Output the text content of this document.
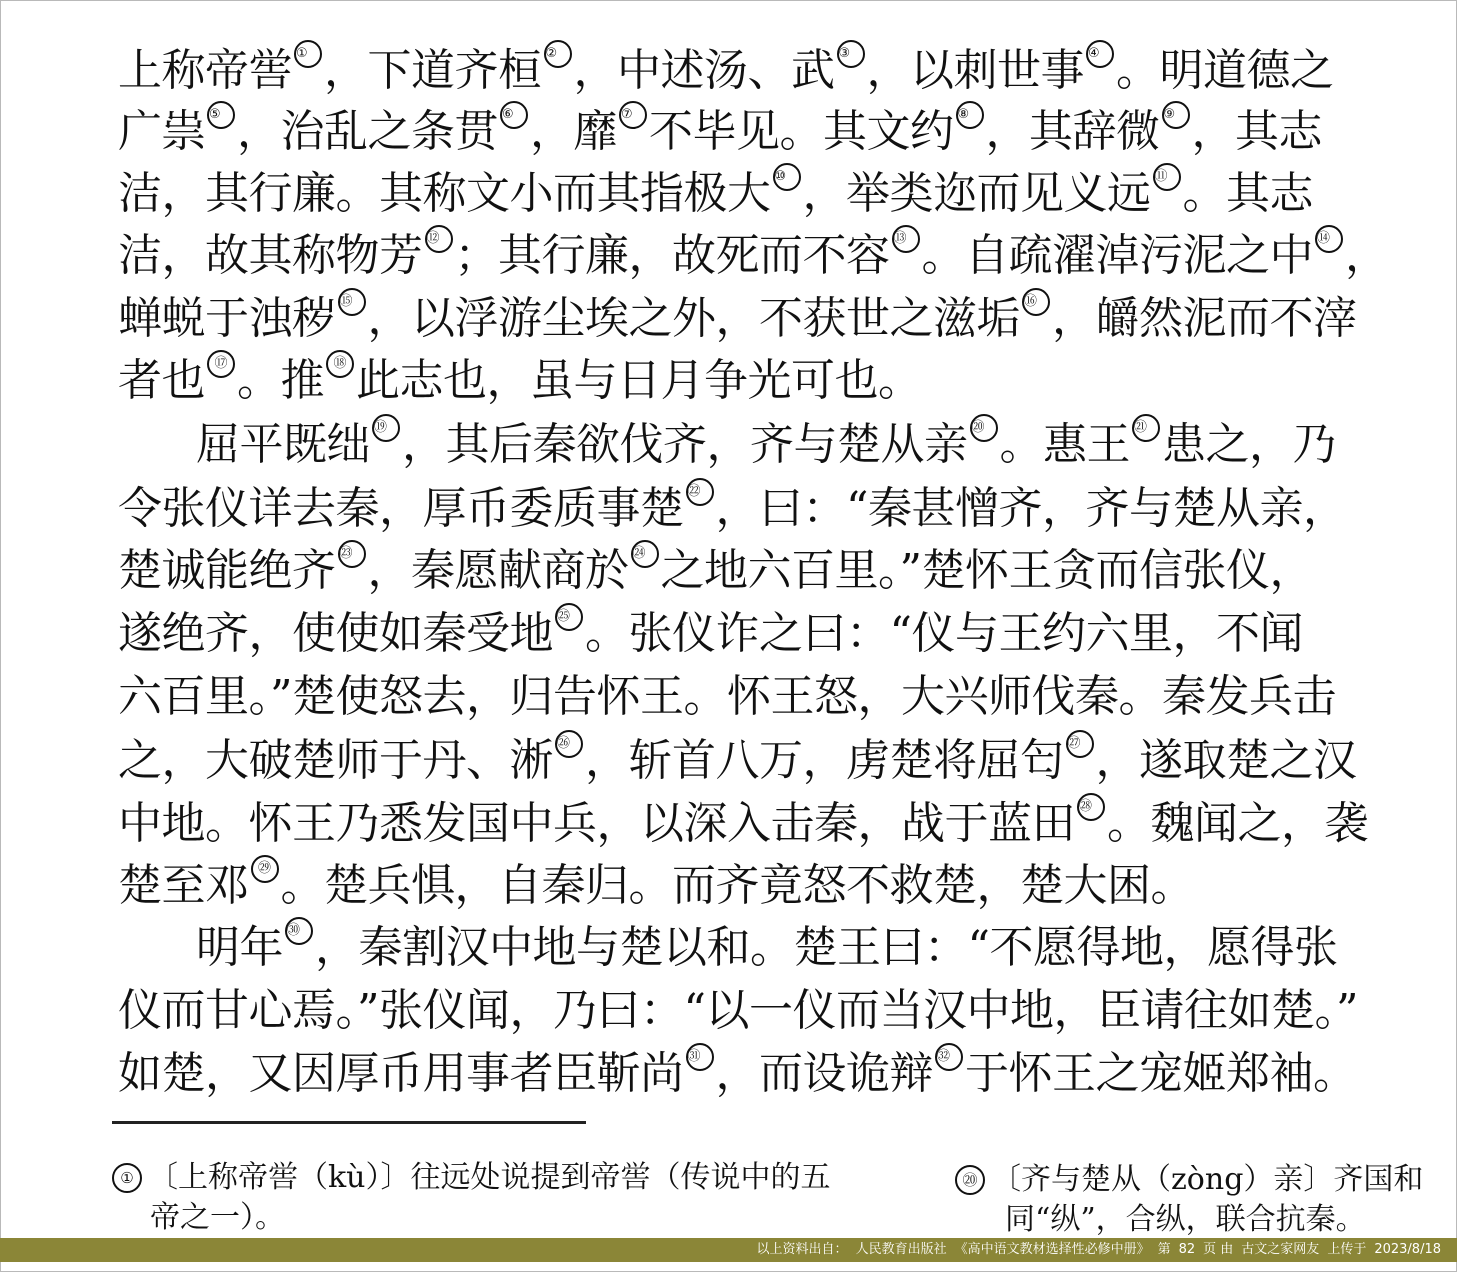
上称帝喾 ① ，下道齐桓 ② ，中述汤、武 ③ ，以刺世事 ④ 。明道德之
广祟 ⑤ ，治乱之条贯 ⑥ ，靡 ⑦ 不毕见。其文约 ⑧ ，其辞微 ⑨ ，其志
洁，其行廉。其称文小而其指极大 ⑩ ，举类迩而见义远 ⑪ 。其志
洁，故其称物芳 ⑫ ；其行廉，故死而不容 ⑬ 。自疏濯淖污泥之中 ⑭ ，
蝉蜕于浊秽 ⑮ ，以浮游尘埃之外，不获世之滋垢 ⑯ ，皭然泥而不滓
者也 ⑰ 。推 ⑱ 此志也，虽与日月争光可也。
屈平既绌 ⑲ ，其后秦欲伐齐，齐与楚从亲 ⑳ 。惠王 ㉑ 患之，乃
令张仪详去秦，厚币委质事楚 ㉒ ，曰：“秦甚憎齐，齐与楚从亲，
楚诚能绝齐 ㉓ ，秦愿献商於 ㉔ 之地六百里。”楚怀王贪而信张仪，
遂绝齐，使使如秦受地 ㉕ 。张仪诈之曰：“仪与王约六里，不闻
六百里。”楚使怒去，归告怀王。怀王怒，大兴师伐秦。秦发兵击
之，大破楚师于丹、淅 ㉖ ，斩首八万，虏楚将屈匄 ㉗ ，遂取楚之汉
中地。怀王乃悉发国中兵，以深入击秦，战于蓝田 ㉘ 。魏闻之，袭
楚至邓 ㉙ 。楚兵惧，自秦归。而齐竟怒不救楚，楚大困。
明年 ㉚ ，秦割汉中地与楚以和。楚王曰：“不愿得地，愿得张
仪而甘心焉。”张仪闻，乃曰：“以一仪而当汉中地，臣请往如楚。”
如楚，又因厚币用事者臣靳尚 ㉛ ，而设诡辩 ㉜ 于怀王之宠姬郑袖。
① 〔上称帝喾（kù）〕往远处说提到帝喾（传说中的五
帝之一）。
⑳ 〔齐与楚从（zòng）亲〕齐国和
同“纵”，合纵，联合抗秦。
以上资料出自： 人民教育出版社 《高中语文教材选择性必修中册》 第 82 页 由 古文之家网友 上传于 2023/8/18
